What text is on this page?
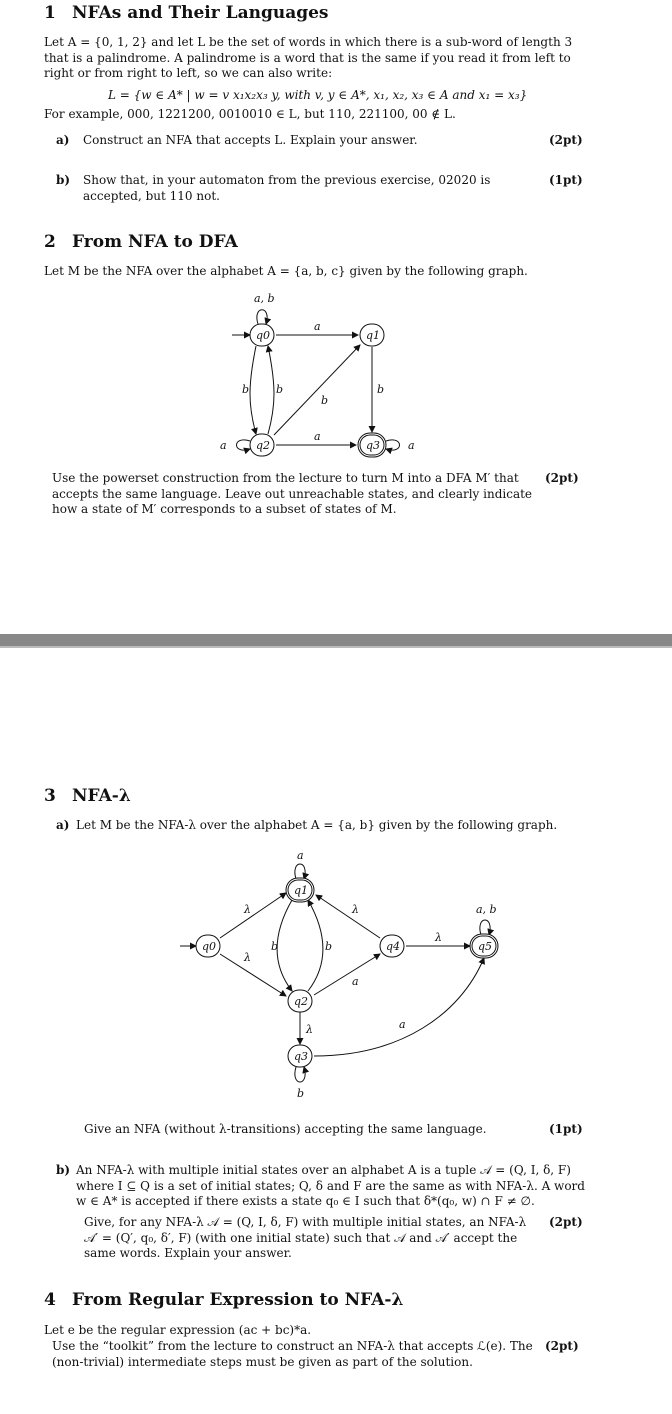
1 NFAs and Their Languages
Let A = {0, 1, 2} and let L be the set of words in which there is a sub-word of length 3 that is a palindrome. A palindrome is a word that is the same if you read it from left to right or from right to left, so we can also write:
L = {w ∈ A* | w = v x₁x₂x₃ y, with v, y ∈ A*, x₁, x₂, x₃ ∈ A and x₁ = x₃}
For example, 000, 1221200, 0010010 ∈ L, but 110, 221100, 00 ∉ L.
a) Construct an NFA that accepts L. Explain your answer.	(2pt)
b) Show that, in your automaton from the previous exercise, 02020 is accepted, but 110 not.
(1pt)
2 From NFA to DFA
Let M be the NFA over the alphabet A = {a, b, c} given by the following graph.
a, b
a
b b
b
b
a
a	a
q0	q1
q2	q3
Use the powerset construction from the lecture to turn M into a DFA M′ that accepts the same language. Leave out unreachable states, and clearly indicate how a state of M′ corresponds to a subset of states of M.
(2pt)
3 NFA-λ
a) Let M be the NFA-λ over the alphabet A = {a, b} given by the following graph.
a
λ
λ
b	b
λ
a
λ
a, b
λ
b
a
q0
q1
q2
q3
q4	q5
Give an NFA (without λ-transitions) accepting the same language.	(1pt)
b) An NFA-λ with multiple initial states over an alphabet A is a tuple 𝒜 = (Q, I, δ, F) where I ⊆ Q is a set of initial states; Q, δ and F are the same as with NFA-λ. A word w ∈ A* is accepted if there exists a state q₀ ∈ I such that δ*(q₀, w) ∩ F ≠ ∅.
Give, for any NFA-λ 𝒜 = (Q, I, δ, F) with multiple initial states, an NFA-λ 𝒜′ = (Q′, q₀, δ′, F) (with one initial state) such that 𝒜 and 𝒜′ accept the same words. Explain your answer.
(2pt)
4 From Regular Expression to NFA-λ
Let e be the regular expression (ac + bc)*a.
Use the “toolkit” from the lecture to construct an NFA-λ that accepts ℒ(e). The (non-trivial) intermediate steps must be given as part of the solution.
(2pt)
